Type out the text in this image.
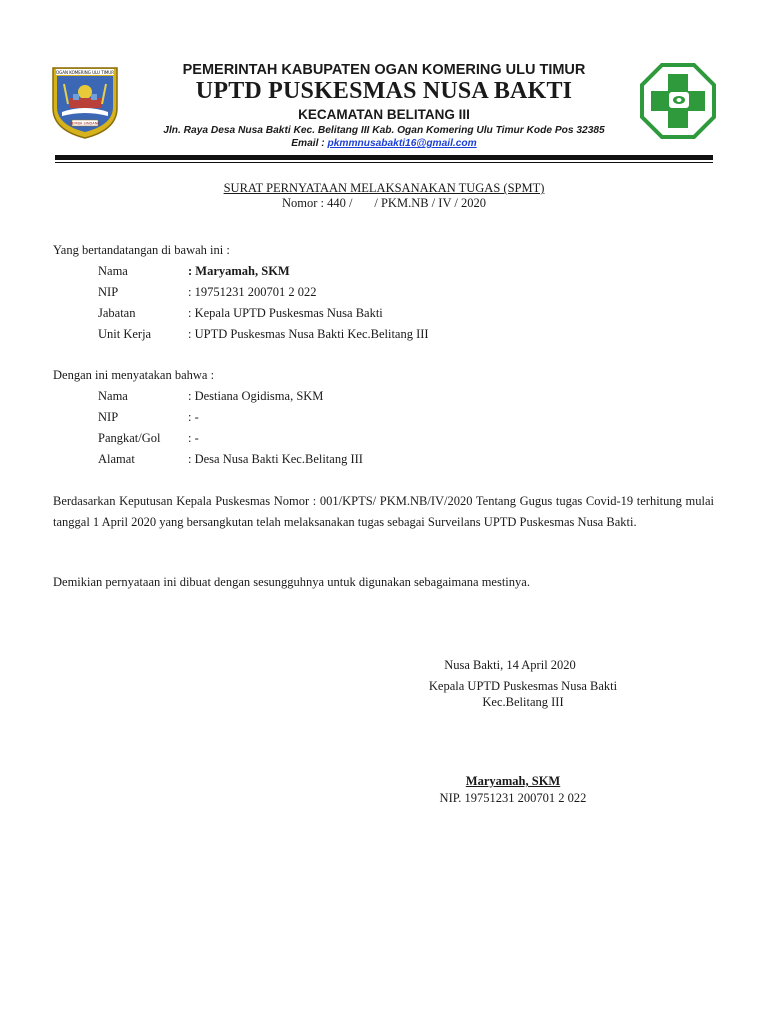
OGAN KOMERING ULU TIMUR
SEMBA SINDANG
PEMERINTAH KABUPATEN OGAN KOMERING ULU TIMUR
UPTD PUSKESMAS NUSA BAKTI
KECAMATAN BELITANG III
Jln. Raya Desa Nusa Bakti Kec. Belitang III Kab. Ogan Komering Ulu Timur Kode Pos 32385
Email : pkmmnusabakti16@gmail.com
SURAT PERNYATAAN MELAKSANAKAN TUGAS (SPMT)
Nomor : 440 /       / PKM.NB / IV / 2020
Yang bertandatangan di bawah ini :
Nama	: Maryamah, SKM
NIP	: 19751231 200701 2 022
Jabatan	: Kepala UPTD Puskesmas Nusa Bakti
Unit Kerja	: UPTD Puskesmas Nusa Bakti Kec.Belitang III
Dengan ini menyatakan bahwa :
Nama	: Destiana Ogidisma, SKM
NIP	: -
Pangkat/Gol : -
Alamat	: Desa Nusa Bakti Kec.Belitang III
Berdasarkan Keputusan Kepala Puskesmas Nomor : 001/KPTS/ PKM.NB/IV/2020 Tentang Gugus tugas Covid-19 terhitung mulai tanggal 1 April 2020 yang bersangkutan telah melaksanakan tugas sebagai Surveilans UPTD Puskesmas Nusa Bakti.
Demikian pernyataan ini dibuat dengan sesungguhnya untuk digunakan sebagaimana mestinya.
Nusa Bakti, 14 April 2020
Kepala UPTD Puskesmas Nusa Bakti
Kec.Belitang III
Maryamah, SKM
NIP. 19751231 200701 2 022
